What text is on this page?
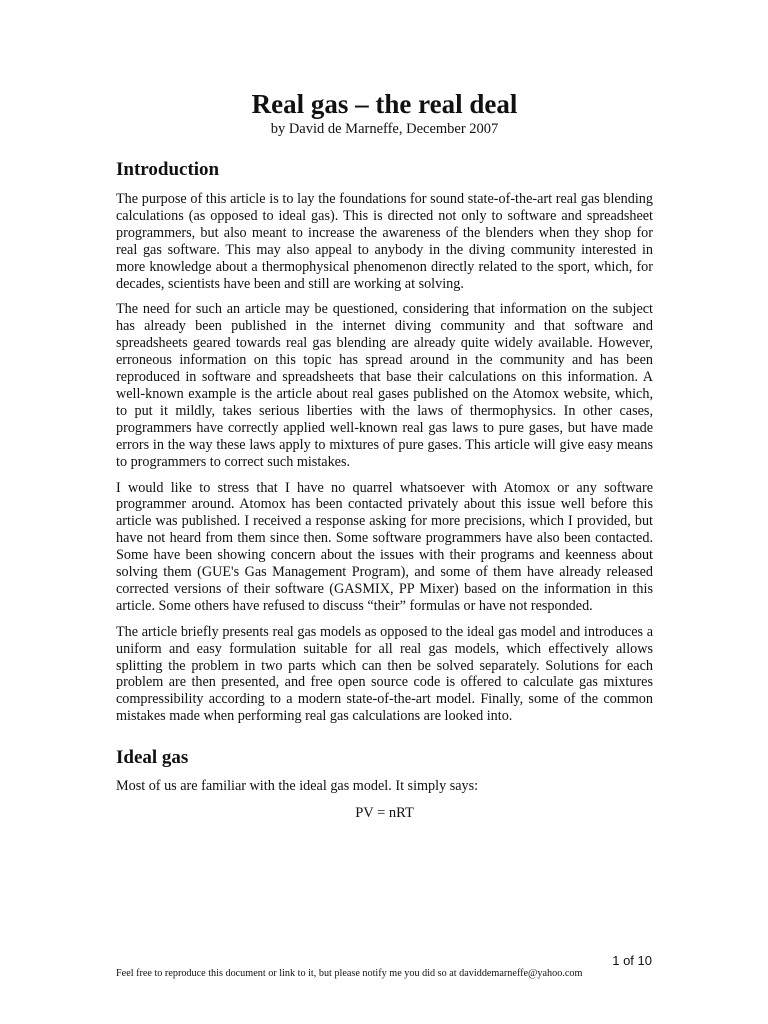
Real gas – the real deal
by David de Marneffe, December 2007
Introduction

The purpose of this article is to lay the foundations for sound state-of-the-art real gas blending calculations (as opposed to ideal gas). This is directed not only to software and spreadsheet programmers, but also meant to increase the awareness of the blenders when they shop for real gas software. This may also appeal to anybody in the diving community interested in more knowledge about a thermophysical phenomenon directly related to the sport, which, for decades, scientists have been and still are working at solving.

The need for such an article may be questioned, considering that information on the subject has already been published in the internet diving community and that software and spreadsheets geared towards real gas blending are already quite widely available. However, erroneous information on this topic has spread around in the community and has been reproduced in software and spreadsheets that base their calculations on this information. A well-known example is the article about real gases published on the Atomox website, which, to put it mildly, takes serious liberties with the laws of thermophysics. In other cases, programmers have correctly applied well-known real gas laws to pure gases, but have made errors in the way these laws apply to mixtures of pure gases. This article will give easy means to programmers to correct such mistakes.

I would like to stress that I have no quarrel whatsoever with Atomox or any software programmer around. Atomox has been contacted privately about this issue well before this article was published. I received a response asking for more precisions, which I provided, but have not heard from them since then. Some software programmers have also been contacted. Some have been showing concern about the issues with their programs and keenness about solving them (GUE's Gas Management Program), and some of them have already released corrected versions of their software (GASMIX, PP Mixer) based on the information in this article. Some others have refused to discuss “their” formulas or have not responded.

The article briefly presents real gas models as opposed to the ideal gas model and introduces a uniform and easy formulation suitable for all real gas models, which effectively allows splitting the problem in two parts which can then be solved separately. Solutions for each problem are then presented, and free open source code is offered to calculate gas mixtures compressibility according to a modern state-of-the-art model. Finally, some of the common mistakes made when performing real gas calculations are looked into.

Ideal gas

Most of us are familiar with the ideal gas model. It simply says:

PV = nRT
1 of 10
Feel free to reproduce this document or link to it, but please notify me you did so at daviddemarneffe@yahoo.com
